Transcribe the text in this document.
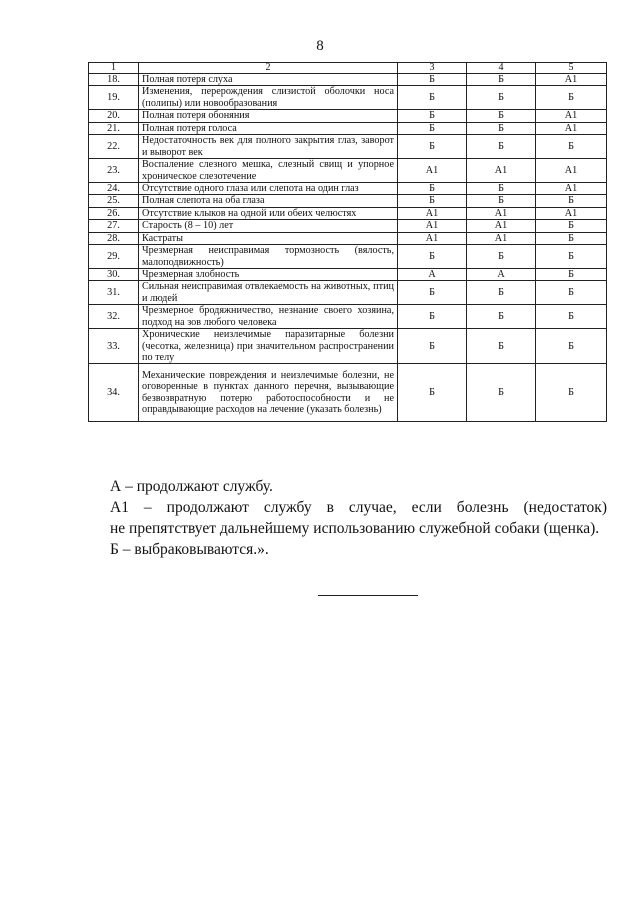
8
1	2	3	4	5
18.	Полная потеря слуха	Б	Б	А1
19.	Изменения, перерождения слизистой оболочки носа (полипы) или новообразования	Б	Б	Б
20.	Полная потеря обоняния	Б	Б	А1
21.	Полная потеря голоса	Б	Б	А1
22.	Недостаточность век для полного закрытия глаз, заворот и выворот век	Б	Б	Б
23.	Воспаление слезного мешка, слезный свищ и упорное хроническое слезотечение	А1	А1	А1
24.	Отсутствие одного глаза или слепота на один глаз	Б	Б	А1
25.	Полная слепота на оба глаза	Б	Б	Б
26.	Отсутствие клыков на одной или обеих челюстях	А1	А1	А1
27.	Старость (8 – 10) лет	А1	А1	Б
28.	Кастраты	А1	А1	Б
29.	Чрезмерная неисправимая тормозность (вялость, малоподвижность)	Б	Б	Б
30.	Чрезмерная злобность	А	А	Б
31.	Сильная неисправимая отвлекаемость на животных, птиц и людей	Б	Б	Б
32.	Чрезмерное бродяжничество, незнание своего хозяина, подход на зов любого человека	Б	Б	Б
33.	Хронические неизлечимые паразитарные болезни (чесотка, железница) при значительном распространении по телу	Б	Б	Б
34.	Механические повреждения и неизлечимые болезни, не оговоренные в пунктах данного перечня, вызывающие безвозвратную потерю работоспособности и не оправдывающие расходов на лечение (указать болезнь)	Б	Б	Б

А – продолжают службу.

А1 – продолжают службу в случае, если болезнь (недостаток)

не препятствует дальнейшему использованию служебной собаки (щенка).

Б – выбраковываются.».
